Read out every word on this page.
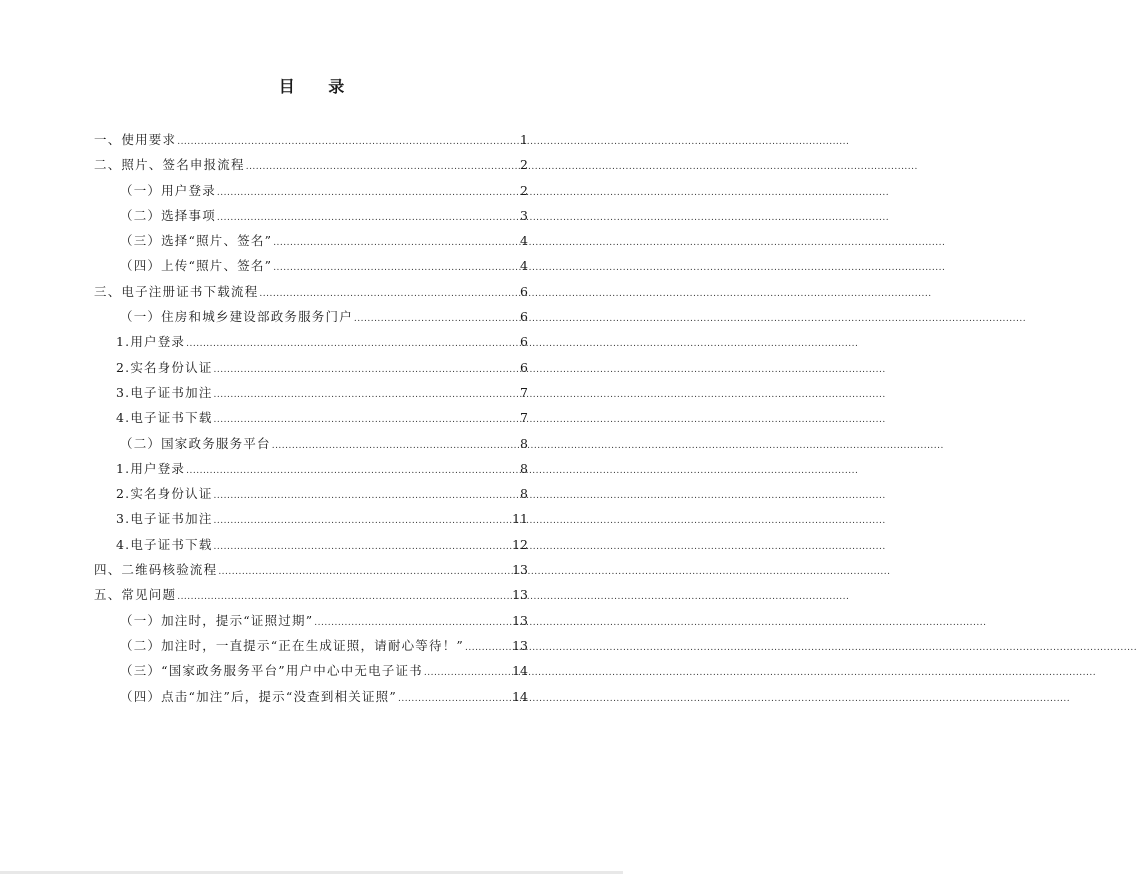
目 录
一、使用要求 .....	1
二、照片、签名申报流程 .....	2
（一）用户登录 .....	2
（二）选择事项 .....	3
（三）选择“照片、签名” .....	4
（四）上传“照片、签名” .....	4
三、电子注册证书下载流程 .....	6
（一）住房和城乡建设部政务服务门户 .....	6
1.用户登录 .....	6
2.实名身份认证 .....	6
3.电子证书加注 .....	7
4.电子证书下载 .....	7
（二）国家政务服务平台 .....	8
1.用户登录 .....	8
2.实名身份认证 .....	8
3.电子证书加注 .....	11
4.电子证书下载 .....	12
四、二维码核验流程 .....	13
五、常见问题 .....	13
（一）加注时，提示“证照过期” .....	13
（二）加注时，一直提示“正在生成证照，请耐心等待！” .....	13
（三）“国家政务服务平台”用户中心中无电子证书 .....	14
（四）点击“加注”后，提示“没查到相关证照” .....	14
